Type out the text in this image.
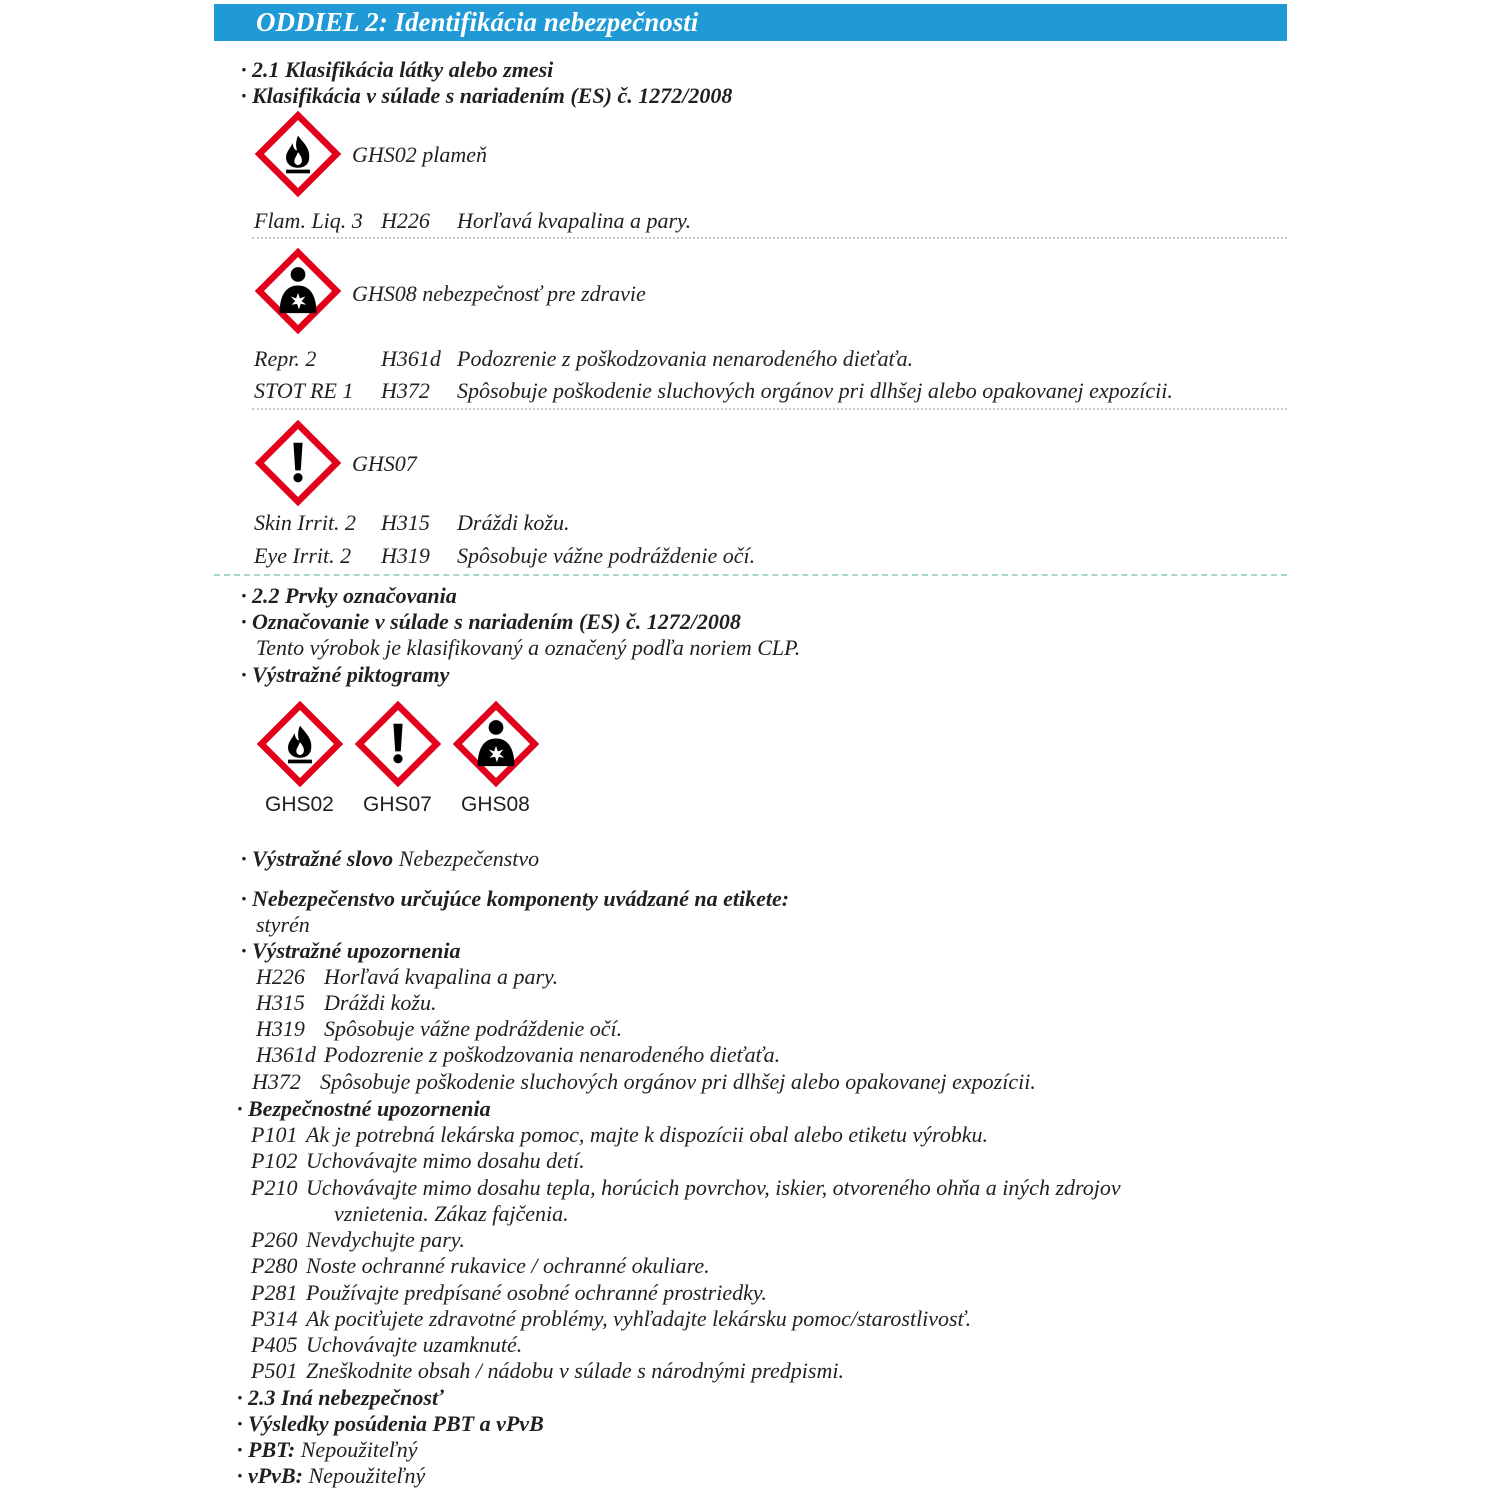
ODDIEL 2: Identifikácia nebezpečnosti
· 2.1 Klasifikácia látky alebo zmesi
· Klasifikácia v súlade s nariadením (ES) č. 1272/2008
GHS02 plameň
Flam. Liq. 3 H226 Horľavá kvapalina a pary.
GHS08 nebezpečnosť pre zdravie
Repr. 2	H361d Podozrenie z poškodzovania nenarodeného dieťaťa.
STOT RE 1 H372 Spôsobuje poškodenie sluchových orgánov pri dlhšej alebo opakovanej expozícii.
GHS07
Skin Irrit. 2 H315 Dráždi kožu.
Eye Irrit. 2 H319 Spôsobuje vážne podráždenie očí.
· 2.2 Prvky označovania
· Označovanie v súlade s nariadením (ES) č. 1272/2008
Tento výrobok je klasifikovaný a označený podľa noriem CLP.
· Výstražné piktogramy
GHS02 GHS07 GHS08
· Výstražné slovo Nebezpečenstvo
· Nebezpečenstvo určujúce komponenty uvádzané na etikete:
styrén
· Výstražné upozornenia
H226 Horľavá kvapalina a pary.
H315 Dráždi kožu.
H319 Spôsobuje vážne podráždenie očí.
H361d Podozrenie z poškodzovania nenarodeného dieťaťa.
H372 Spôsobuje poškodenie sluchových orgánov pri dlhšej alebo opakovanej expozícii.
· Bezpečnostné upozornenia
P101 Ak je potrebná lekárska pomoc, majte k dispozícii obal alebo etiketu výrobku.
P102 Uchovávajte mimo dosahu detí.
P210 Uchovávajte mimo dosahu tepla, horúcich povrchov, iskier, otvoreného ohňa a iných zdrojov
vznietenia. Zákaz fajčenia.
P260 Nevdychujte pary.
P280 Noste ochranné rukavice / ochranné okuliare.
P281 Používajte predpísané osobné ochranné prostriedky.
P314 Ak pociťujete zdravotné problémy, vyhľadajte lekársku pomoc/starostlivosť.
P405 Uchovávajte uzamknuté.
P501 Zneškodnite obsah / nádobu v súlade s národnými predpismi.
· 2.3 Iná nebezpečnosť
· Výsledky posúdenia PBT a vPvB
· PBT: Nepoužiteľný
· vPvB: Nepoužiteľný
